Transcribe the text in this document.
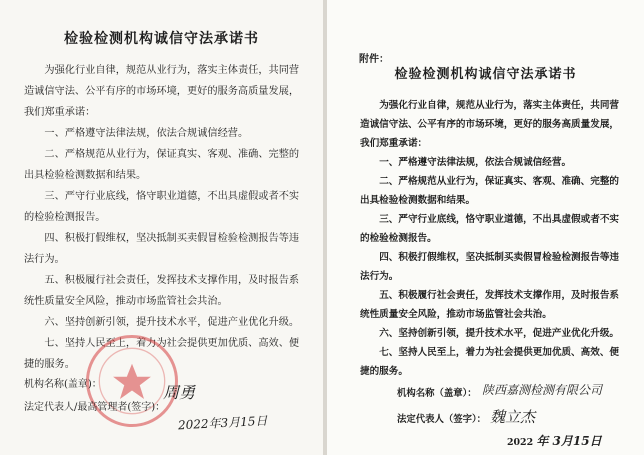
检验检测机构诚信守法承诺书

为强化行业自律，规范从业行为，落实主体责任，共同营造诚信守法、公平有序的市场环境，更好的服务高质量发展，我们郑重承诺：

一、严格遵守法律法规，依法合规诚信经营。

二、严格规范从业行为，保证真实、客观、准确、完整的出具检验检测数据和结果。

三、严守行业底线，恪守职业道德，不出具虚假或者不实的检验检测报告。

四、积极打假维权，坚决抵制买卖假冒检验检测报告等违法行为。

五、积极履行社会责任，发挥技术支撑作用，及时报告系统性质量安全风险，推动市场监管社会共治。

六、坚持创新引领，提升技术水平，促进产业优化升级。

七、坚持人民至上，着力为社会提供更加优质、高效、便捷的服务。

机构名称(盖章)：
法定代表人/最高管理者(签字)：
周勇
2022年3月15日
附件：
检验检测机构诚信守法承诺书

为强化行业自律，规范从业行为，落实主体责任，共同营造诚信守法、公平有序的市场环境，更好的服务高质量发展，我们郑重承诺：

一、严格遵守法律法规，依法合规诚信经营。

二、严格规范从业行为，保证真实、客观、准确、完整的出具检验检测数据和结果。

三、严守行业底线，恪守职业道德，不出具虚假或者不实的检验检测报告。

四、积极打假维权，坚决抵制买卖假冒检验检测报告等违法行为。

五、积极履行社会责任，发挥技术支撑作用，及时报告系统性质量安全风险，推动市场监管社会共治。

六、坚持创新引领，提升技术水平，促进产业优化升级。

七、坚持人民至上，着力为社会提供更加优质、高效、便捷的服务。

机构名称（盖章）： 陕西嘉测检测有限公司
法定代表人（签字）： 魏立杰
2022 年 3月15日
